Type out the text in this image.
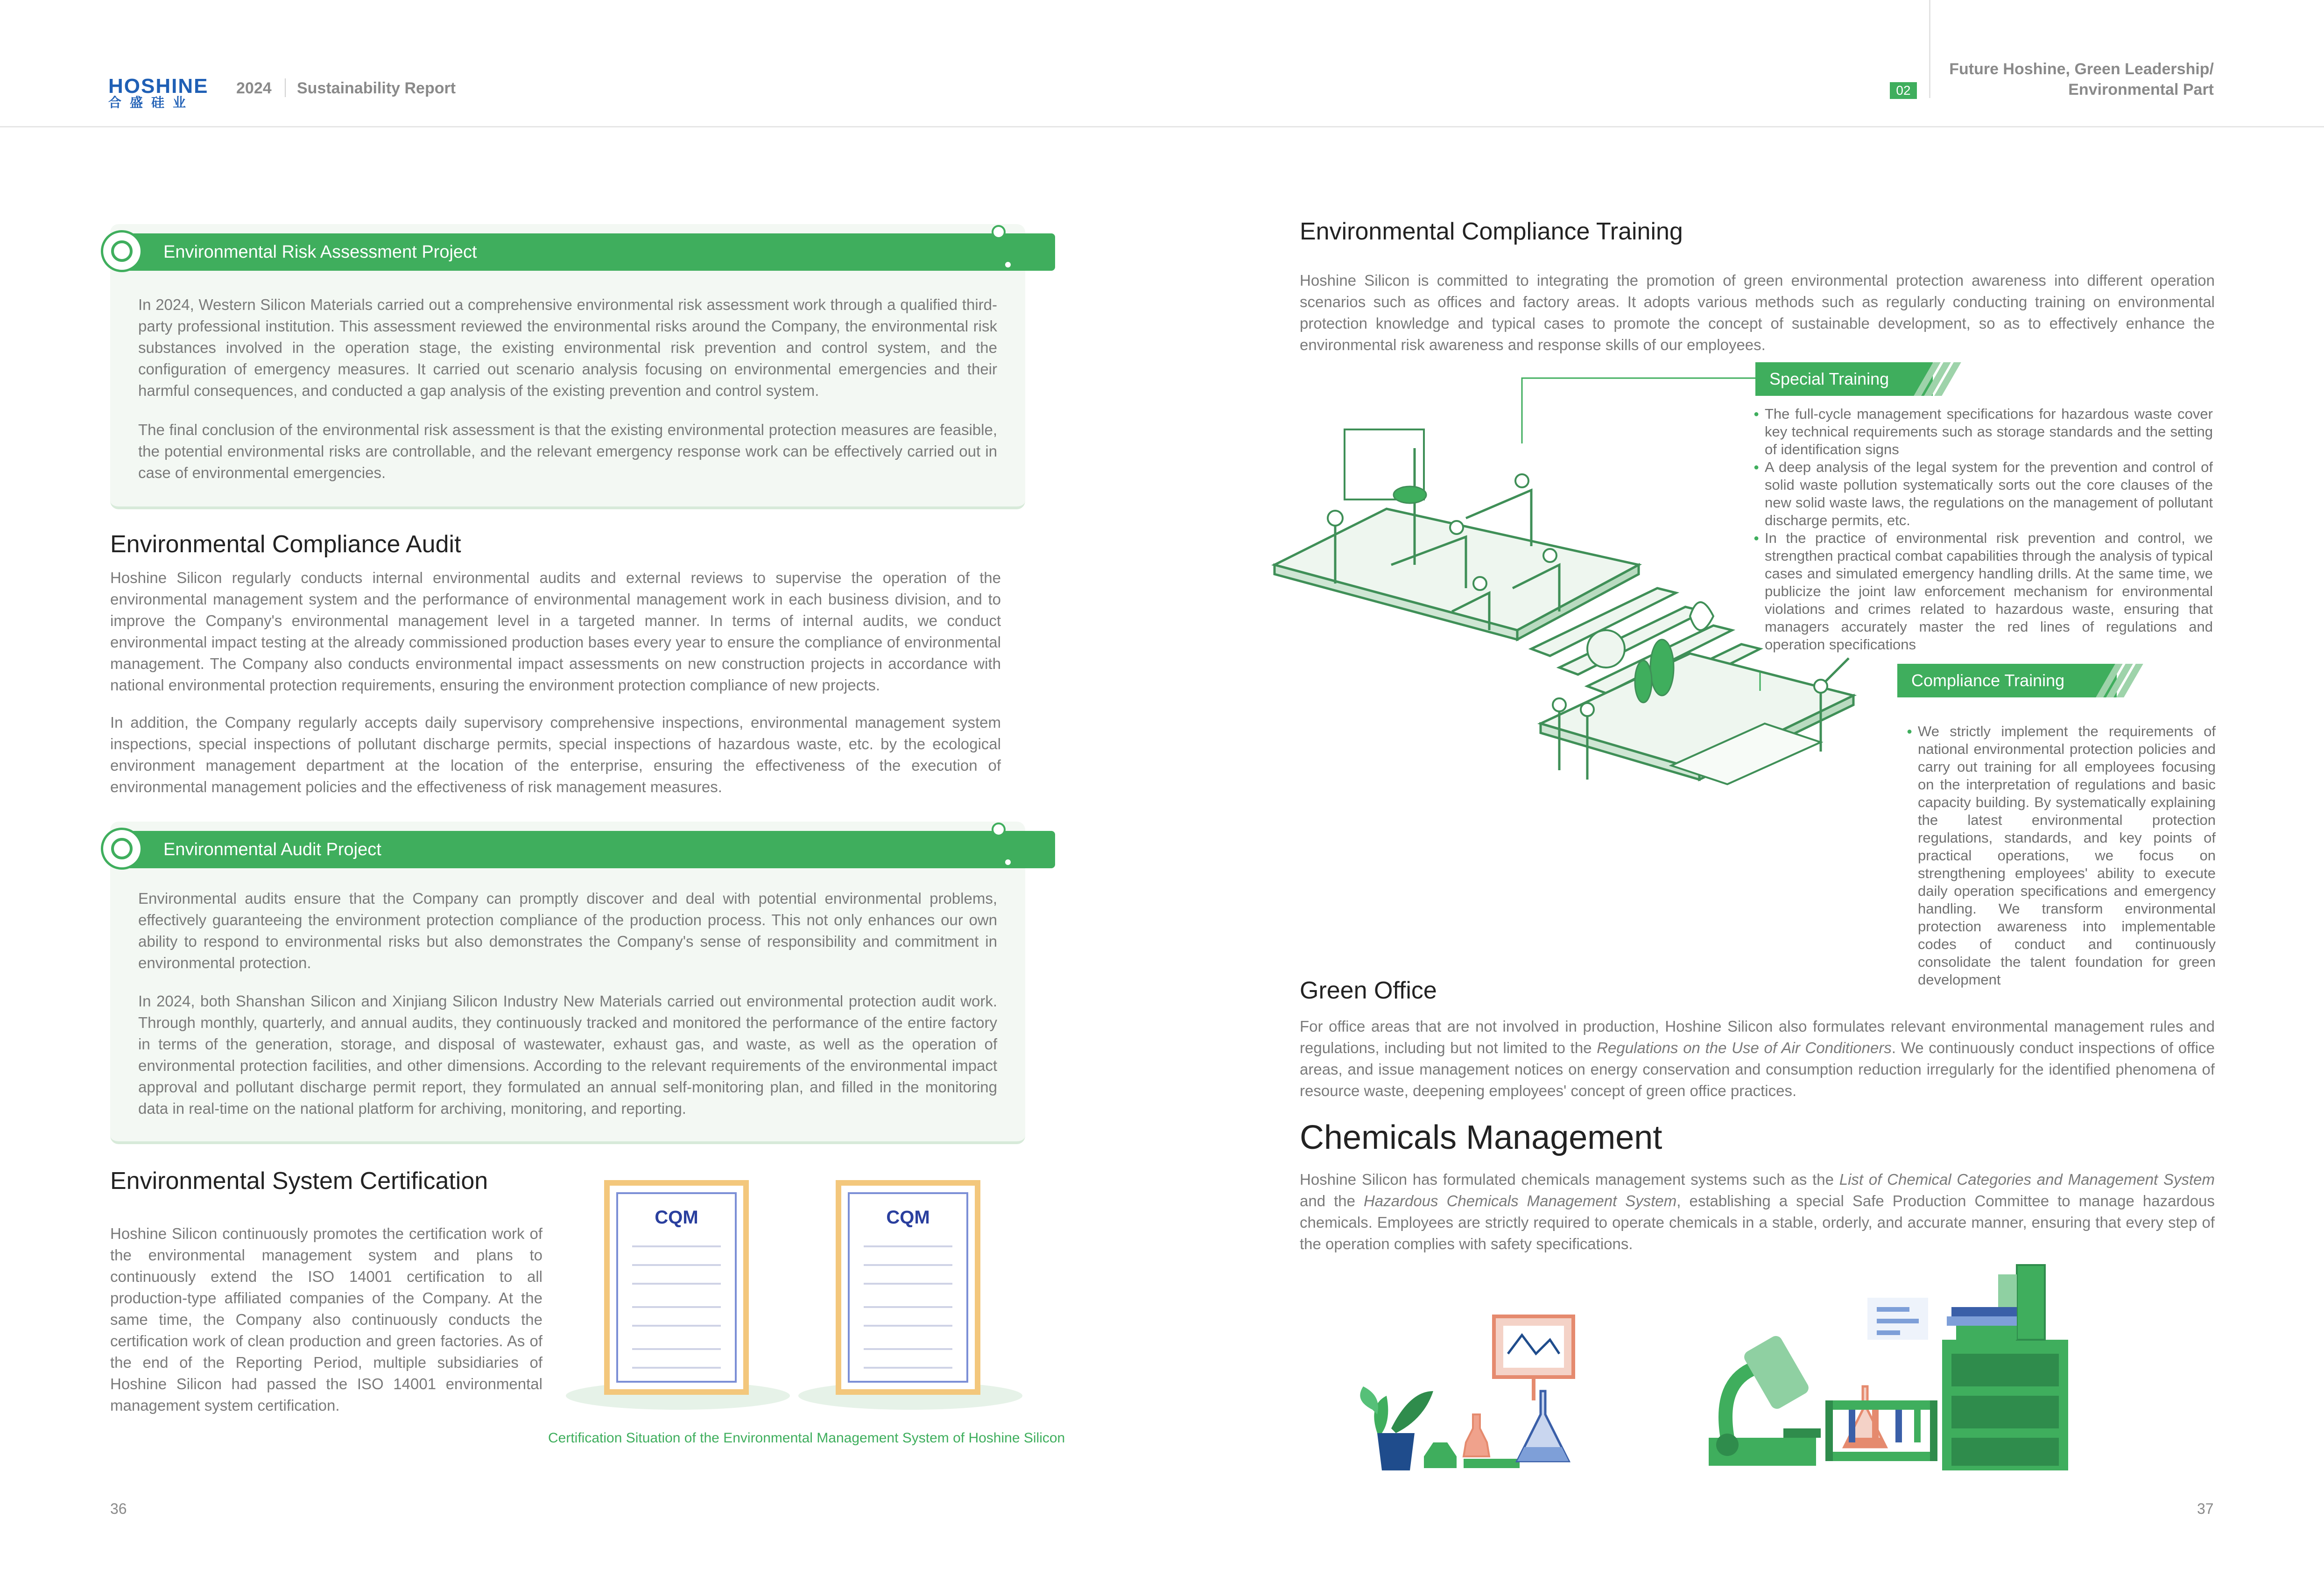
HOSHINE
合盛硅业
2024 Sustainability Report	02
Future Hoshine, Green Leadership/
Environmental Part
Environmental Risk Assessment Project
In 2024, Western Silicon Materials carried out a comprehensive environmental risk assessment work through a qualified third-party professional institution. This assessment reviewed the environmental risks around the Company, the environmental risk substances involved in the operation stage, the existing environmental risk prevention and control system, and the configuration of emergency measures. It carried out scenario analysis focusing on environmental emergencies and their harmful consequences, and conducted a gap analysis of the existing prevention and control system.
The final conclusion of the environmental risk assessment is that the existing environmental protection measures are feasible, the potential environmental risks are controllable, and the relevant emergency response work can be effectively carried out in case of environmental emergencies.
Environmental Compliance Audit
Hoshine Silicon regularly conducts internal environmental audits and external reviews to supervise the operation of the environmental management system and the performance of environmental management work in each business division, and to improve the Company's environmental management level in a targeted manner. In terms of internal audits, we conduct environmental impact testing at the already commissioned production bases every year to ensure the compliance of environmental management. The Company also conducts environmental impact assessments on new construction projects in accordance with national environmental protection requirements, ensuring the environment protection compliance of new projects.
In addition, the Company regularly accepts daily supervisory comprehensive inspections, environmental management system inspections, special inspections of pollutant discharge permits, special inspections of hazardous waste, etc. by the ecological environment management department at the location of the enterprise, ensuring the effectiveness of the execution of environmental management policies and the effectiveness of risk management measures.
Environmental Audit Project
Environmental audits ensure that the Company can promptly discover and deal with potential environmental problems, effectively guaranteeing the environment protection compliance of the production process. This not only enhances our own ability to respond to environmental risks but also demonstrates the Company's sense of responsibility and commitment in environmental protection.
In 2024, both Shanshan Silicon and Xinjiang Silicon Industry New Materials carried out environmental protection audit work. Through monthly, quarterly, and annual audits, they continuously tracked and monitored the performance of the entire factory in terms of the generation, storage, and disposal of wastewater, exhaust gas, and waste, as well as the operation of environmental protection facilities, and other dimensions. According to the relevant requirements of the environmental impact approval and pollutant discharge permit report, they formulated an annual self-monitoring plan, and filled in the monitoring data in real-time on the national platform for archiving, monitoring, and reporting.
Environmental System Certification
Hoshine Silicon continuously promotes the certification work of the environmental management system and plans to continuously extend the ISO 14001 certification to all production-type affiliated companies of the Company. At the same time, the Company also continuously conducts the certification work of clean production and green factories. As of the end of the Reporting Period, multiple subsidiaries of Hoshine Silicon had passed the ISO 14001 environmental management system certification.
CQM	CQM
Certification Situation of the Environmental Management System of Hoshine Silicon
36
Environmental Compliance Training
Hoshine Silicon is committed to integrating the promotion of green environmental protection awareness into different operation scenarios such as offices and factory areas. It adopts various methods such as regularly conducting training on environmental protection knowledge and typical cases to promote the concept of sustainable development, so as to effectively enhance the environmental risk awareness and response skills of our employees.
Special Training
● The full-cycle management specifications for hazardous waste cover key technical requirements such as storage standards and the setting of identification signs
● A deep analysis of the legal system for the prevention and control of solid waste pollution systematically sorts out the core clauses of the new solid waste laws, the regulations on the management of pollutant discharge permits, etc.
● In the practice of environmental risk prevention and control, we strengthen practical combat capabilities through the analysis of typical cases and simulated emergency handling drills. At the same time, we publicize the joint law enforcement mechanism for environmental violations and crimes related to hazardous waste, ensuring that managers accurately master the red lines of regulations and operation specifications
Compliance Training
● We strictly implement the requirements of national environmental protection policies and carry out training for all employees focusing on the interpretation of regulations and basic capacity building. By systematically explaining the latest environmental protection regulations, standards, and key points of practical operations, we focus on strengthening employees' ability to execute daily operation specifications and emergency handling. We transform environmental protection awareness into implementable codes of conduct and continuously consolidate the talent foundation for green development
Green Office
For office areas that are not involved in production, Hoshine Silicon also formulates relevant environmental management rules and regulations, including but not limited to the Regulations on the Use of Air Conditioners. We continuously conduct inspections of office areas, and issue management notices on energy conservation and consumption reduction irregularly for the identified phenomena of resource waste, deepening employees' concept of green office practices.
Chemicals Management
Hoshine Silicon has formulated chemicals management systems such as the List of Chemical Categories and Management System and the Hazardous Chemicals Management System, establishing a special Safe Production Committee to manage hazardous chemicals. Employees are strictly required to operate chemicals in a stable, orderly, and accurate manner, ensuring that every step of the operation complies with safety specifications.
37
